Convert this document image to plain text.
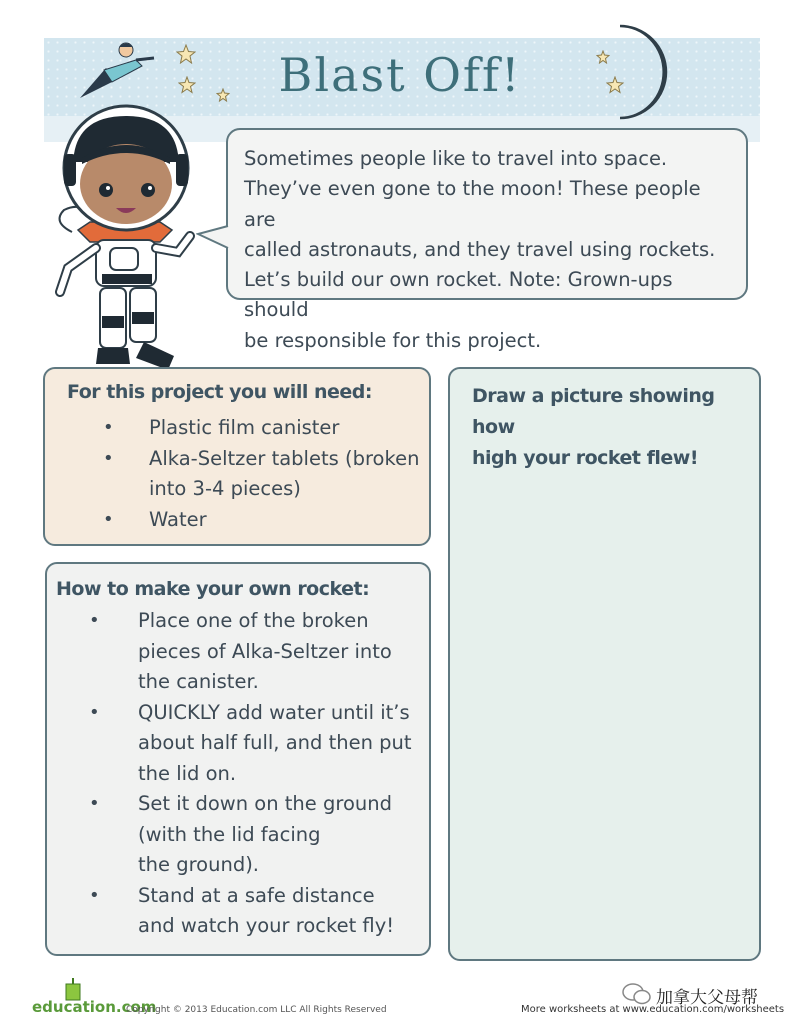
Blast Off!

Sometimes people like to travel into space.
They’ve even gone to the moon! These people are
called astronauts, and they travel using rockets.
Let’s build our own rocket. Note: Grown-ups should
be responsible for this project.

For this project you will need:
• Plastic film canister
• Alka-Seltzer tablets (broken
into 3-4 pieces)
• Water
How to make your own rocket:
• Place one of the broken
pieces of Alka-Seltzer into
the canister.
• QUICKLY add water until it’s
about half full, and then put
the lid on.
• Set it down on the ground
(with the lid facing
the ground).
• Stand at a safe distance
and watch your rocket fly!
Draw a picture showing how
high your rocket flew!
education.com
Copyright © 2013 Education.com LLC All Rights Reserved
加拿大父母帮
More worksheets at www.education.com/worksheets
